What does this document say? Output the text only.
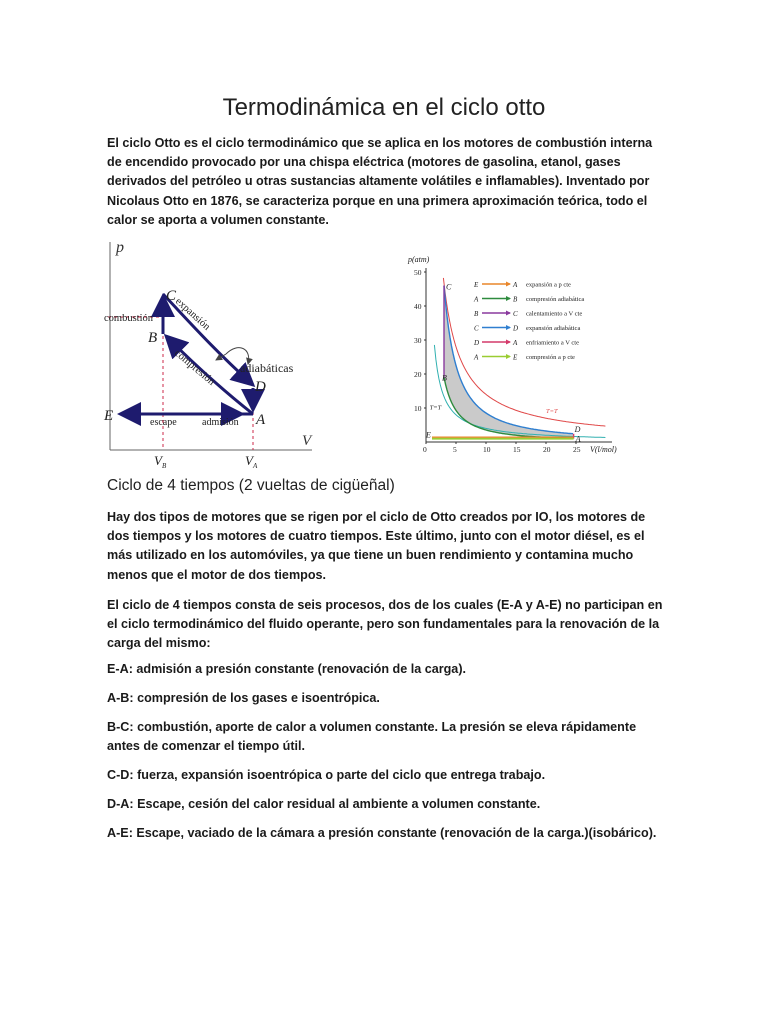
Termodinámica en el ciclo otto

El ciclo Otto es el ciclo termodinámico que se aplica en los motores de combustión interna de encendido provocado por una chispa eléctrica (motores de gasolina, etanol, gases derivados del petróleo u otras sustancias altamente volátiles e inflamables). Inventado por Nicolaus Otto en 1876, se caracteriza porque en una primera aproximación teórica, todo el calor se aporta a volumen constante.

p
V
C
B
D
E	A
combustión expansión
compresión adiabáticas
escape	admisión
$V_B$	$V_A$
p(atm)
V(l/mol)
0	5	10	15	20	25
10
20
30
40
50
C
B
D
E	A
T=T
T=T
E	A expansión a p cte
A	B compresión adiabática
B	C calentamiento a V cte
C	D expansión adiabática
D	A enfriamiento a V cte
A	E compresión a p cte
Ciclo de 4 tiempos (2 vueltas de cigüeñal)

Hay dos tipos de motores que se rigen por el ciclo de Otto creados por IO, los motores de dos tiempos y los motores de cuatro tiempos. Este último, junto con el motor diésel, es el más utilizado en los automóviles, ya que tiene un buen rendimiento y contamina mucho menos que el motor de dos tiempos.

El ciclo de 4 tiempos consta de seis procesos, dos de los cuales (E-A y A-E) no participan en el ciclo termodinámico del fluido operante, pero son fundamentales para la renovación de la carga del mismo:

E-A: admisión a presión constante (renovación de la carga).

A-B: compresión de los gases e isoentrópica.

B-C: combustión, aporte de calor a volumen constante. La presión se eleva rápidamente antes de comenzar el tiempo útil.

C-D: fuerza, expansión isoentrópica o parte del ciclo que entrega trabajo.

D-A: Escape, cesión del calor residual al ambiente a volumen constante.

A-E: Escape, vaciado de la cámara a presión constante (renovación de la carga.)(isobárico).
